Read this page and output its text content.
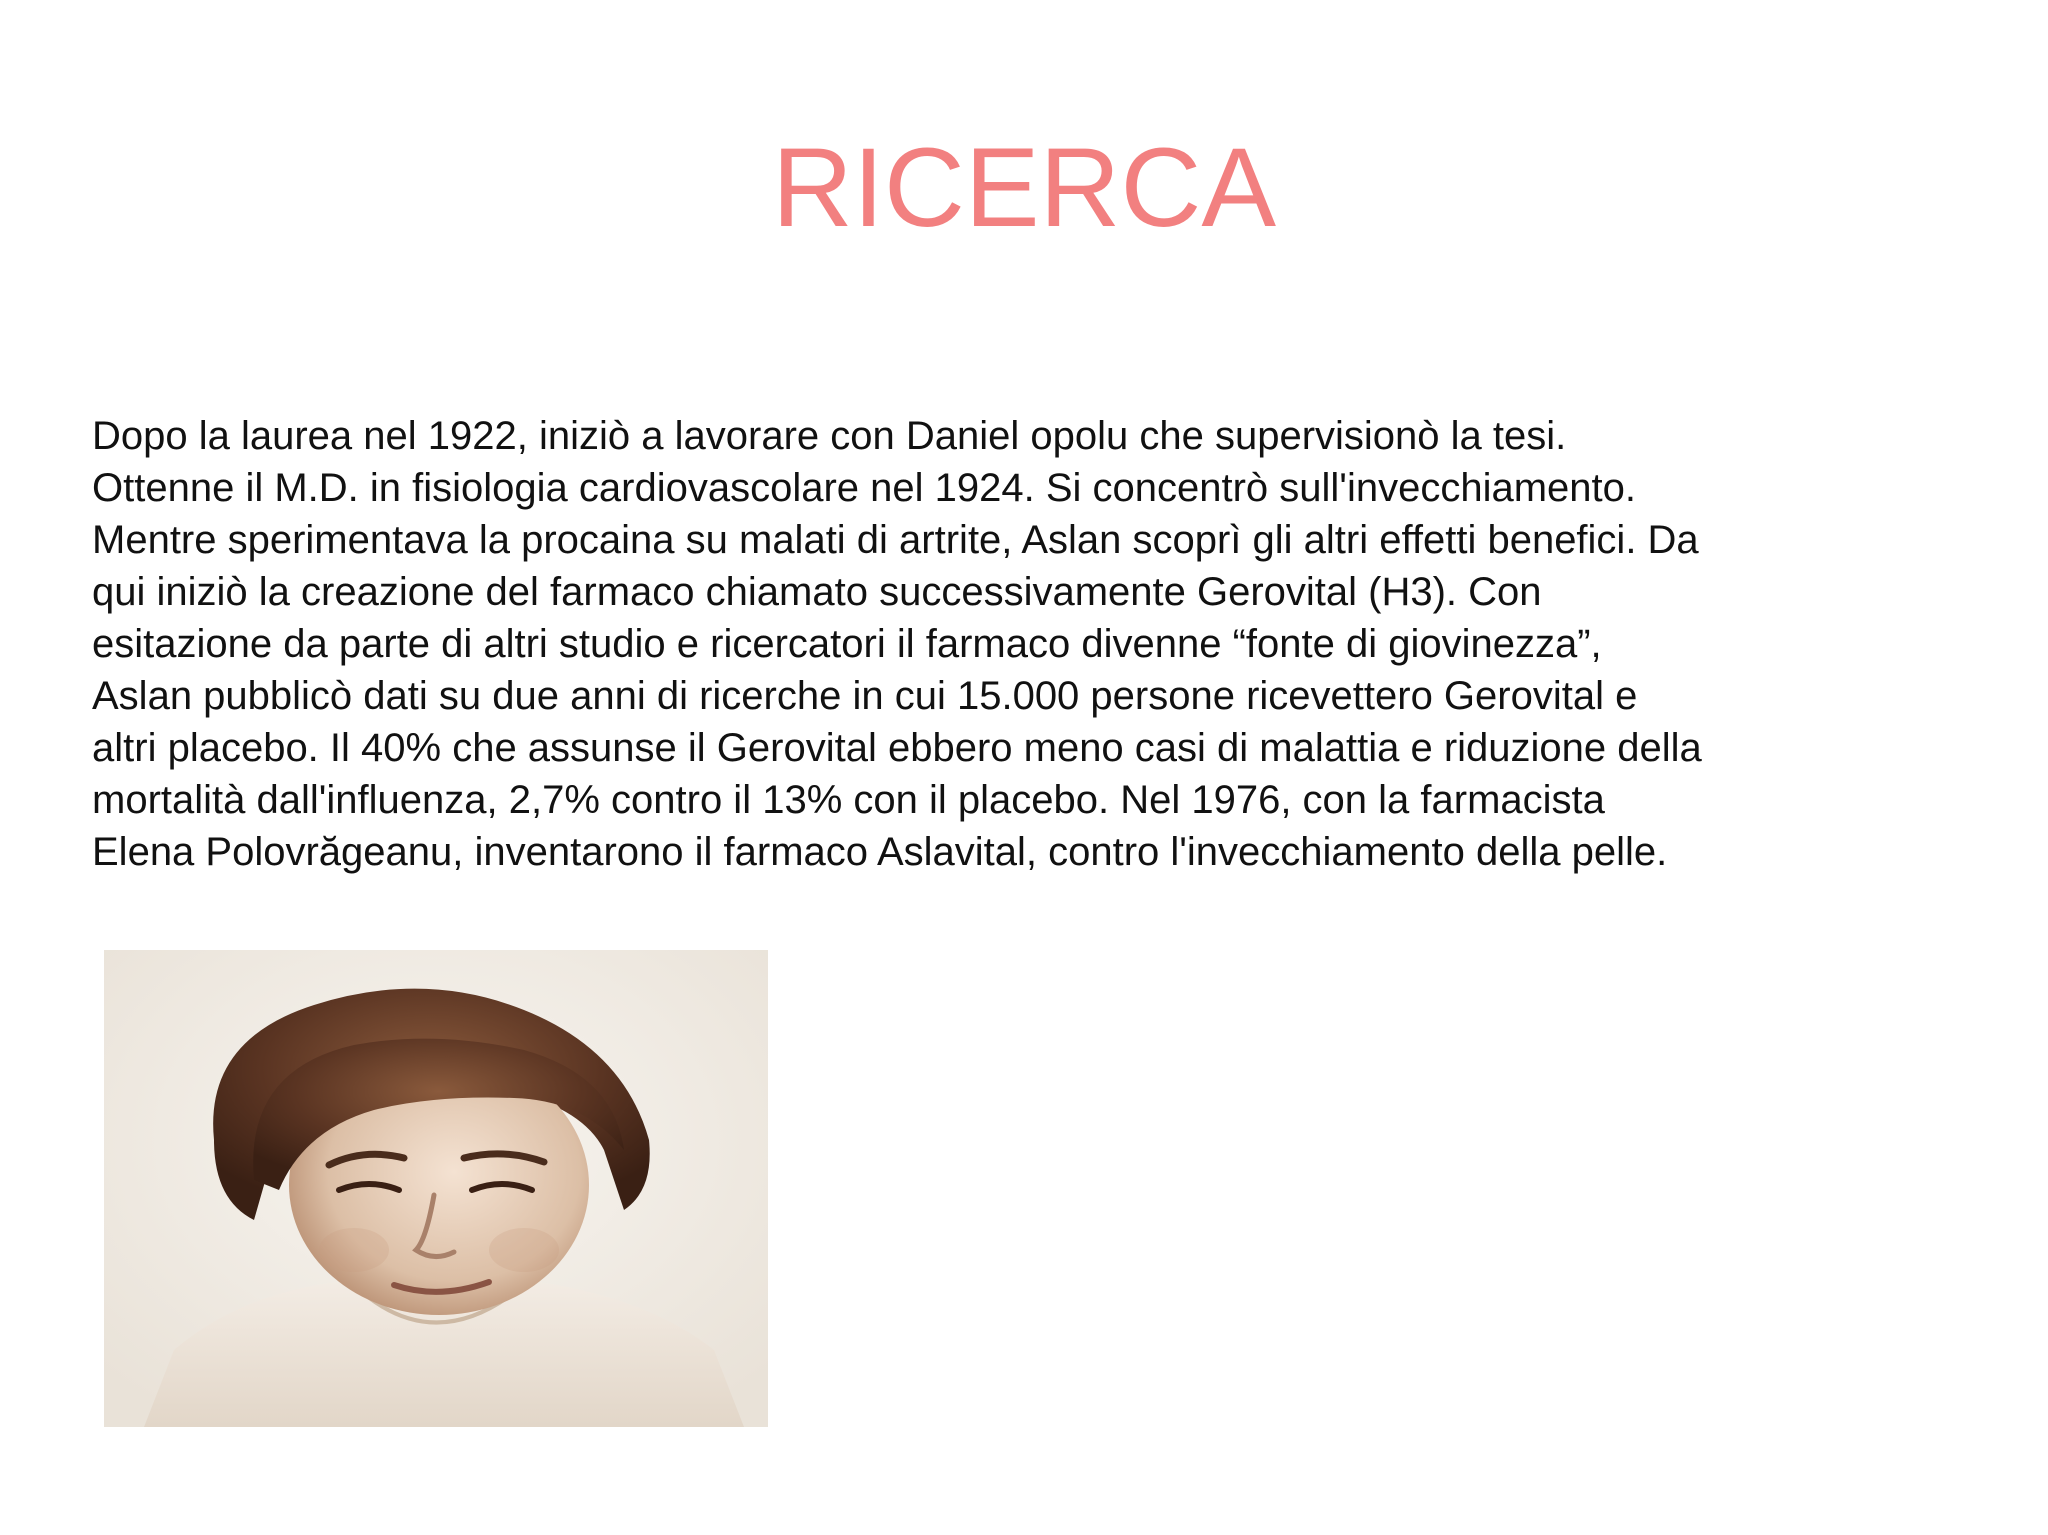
RICERCA
Dopo la laurea nel 1922, iniziò a lavorare con Daniel opolu che supervisionò la tesi.
Ottenne il M.D. in fisiologia cardiovascolare nel 1924. Si concentrò sull'invecchiamento.
Mentre sperimentava la procaina su malati di artrite, Aslan scoprì gli altri effetti benefici. Da
qui iniziò la creazione del farmaco chiamato successivamente Gerovital (H3). Con
esitazione da parte di altri studio e ricercatori il farmaco divenne “fonte di giovinezza”,
Aslan pubblicò dati su due anni di ricerche in cui 15.000 persone ricevettero Gerovital e
altri placebo. Il 40% che assunse il Gerovital ebbero meno casi di malattia e riduzione della
mortalità dall'influenza, 2,7% contro il 13% con il placebo. Nel 1976, con la farmacista
Elena Polovrăgeanu, inventarono il farmaco Aslavital, contro l'invecchiamento della pelle.
